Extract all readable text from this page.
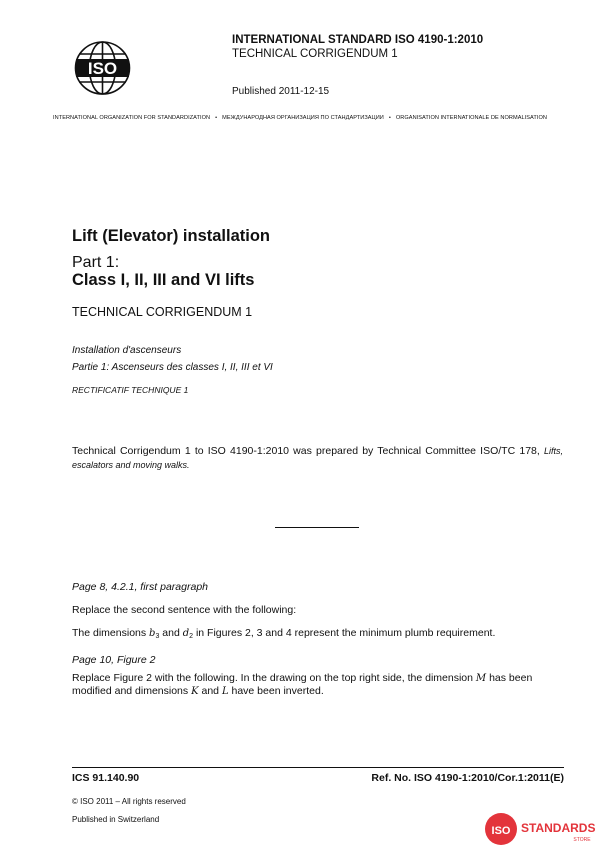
ISO
INTERNATIONAL STANDARD ISO 4190-1:2010
TECHNICAL CORRIGENDUM 1
Published 2011-12-15
INTERNATIONAL ORGANIZATION FOR STANDARDIZATION • МЕЖДУНАРОДНАЯ ОРГАНИЗАЦИЯ ПО СТАНДАРТИЗАЦИИ • ORGANISATION INTERNATIONALE DE NORMALISATION
Lift (Elevator) installation
Part 1:
Class I, II, III and VI lifts
TECHNICAL CORRIGENDUM 1
Installation d'ascenseurs
Partie 1: Ascenseurs des classes I, II, III et VI
RECTIFICATIF TECHNIQUE 1
Technical Corrigendum 1 to ISO 4190-1:2010 was prepared by Technical Committee ISO/TC 178, Lifts, escalators and moving walks.
Page 8, 4.2.1, first paragraph
Replace the second sentence with the following:
The dimensions $b_3$ and $d_2$ in Figures 2, 3 and 4 represent the minimum plumb requirement.
Page 10, Figure 2
Replace Figure 2 with the following. In the drawing on the top right side, the dimension M has been modified and dimensions K and L have been inverted.
ICS 91.140.90	Ref. No. ISO 4190-1:2010/Cor.1:2011(E)
© ISO 2011 – All rights reserved
Published in Switzerland
ISO STANDARDS
STORE
